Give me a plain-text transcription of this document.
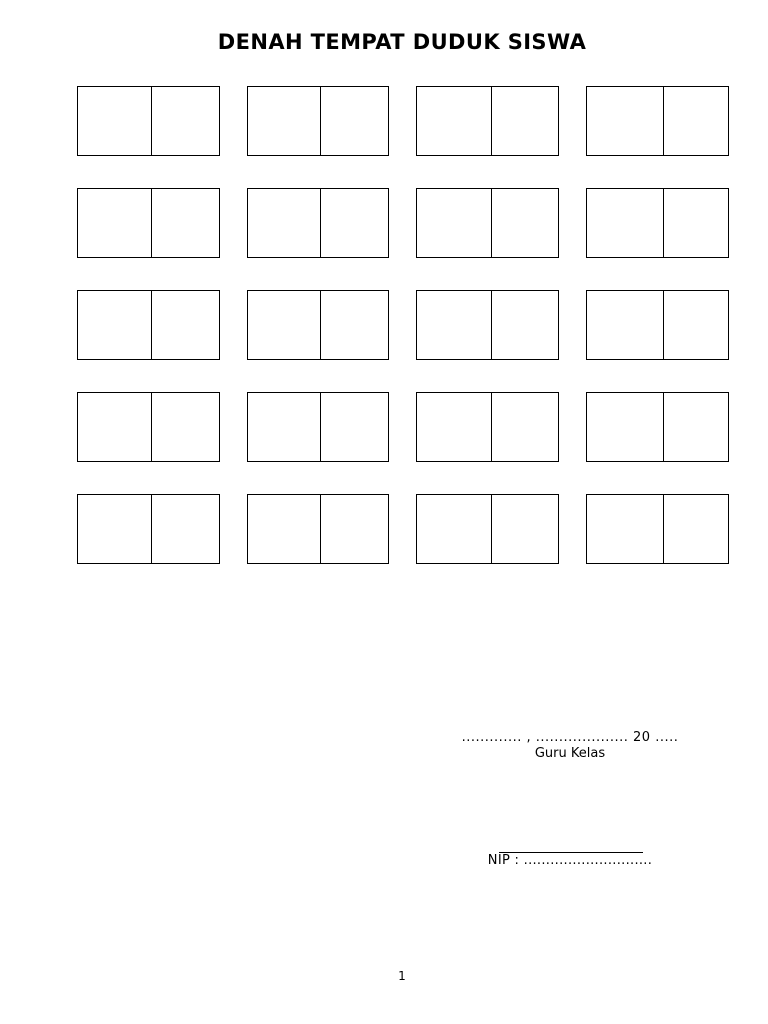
DENAH TEMPAT DUDUK SISWA
............. , .................... 20 .....
Guru Kelas
NIP : .............................
1
